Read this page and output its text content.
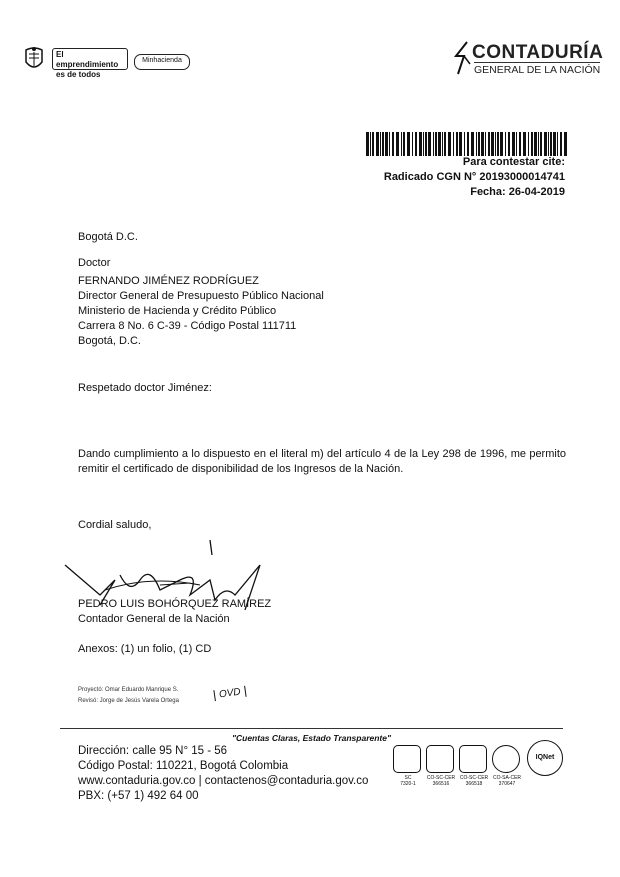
El emprendimiento es de todos
Minhacienda	CONTADURÍA
GENERAL DE LA NACIÓN
Para contestar cite:
Radicado CGN N° 20193000014741
Fecha: 26-04-2019
Bogotá D.C.
Doctor
FERNANDO JIMÉNEZ RODRÍGUEZ
Director General de Presupuesto Público Nacional
Ministerio de Hacienda y Crédito Público
Carrera 8 No. 6 C-39 - Código Postal 111711
Bogotá, D.C.
Respetado doctor Jiménez:
Dando cumplimiento a lo dispuesto en el literal m) del artículo 4 de la Ley 298 de 1996, me permito remitir el certificado de disponibilidad de los Ingresos de la Nación.
Cordial saludo,
PEDRO LUIS BOHÓRQUEZ RAMÍREZ
Contador General de la Nación
Anexos: (1) un folio, (1) CD
Proyectó: Omar Eduardo Manrique S.
Revisó: Jorge de Jesús Varela Ortega
OVD
"Cuentas Claras, Estado Transparente"
Dirección: calle 95 N° 15 - 56
Código Postal: 110221, Bogotá Colombia
www.contaduria.gov.co | contactenos@contaduria.gov.co
PBX: (+57 1) 492 64 00
SC
7320-1
CO-SC-CER
366516
CO-SC-CER
366518
CO-SA-CER
370647
IQNet
